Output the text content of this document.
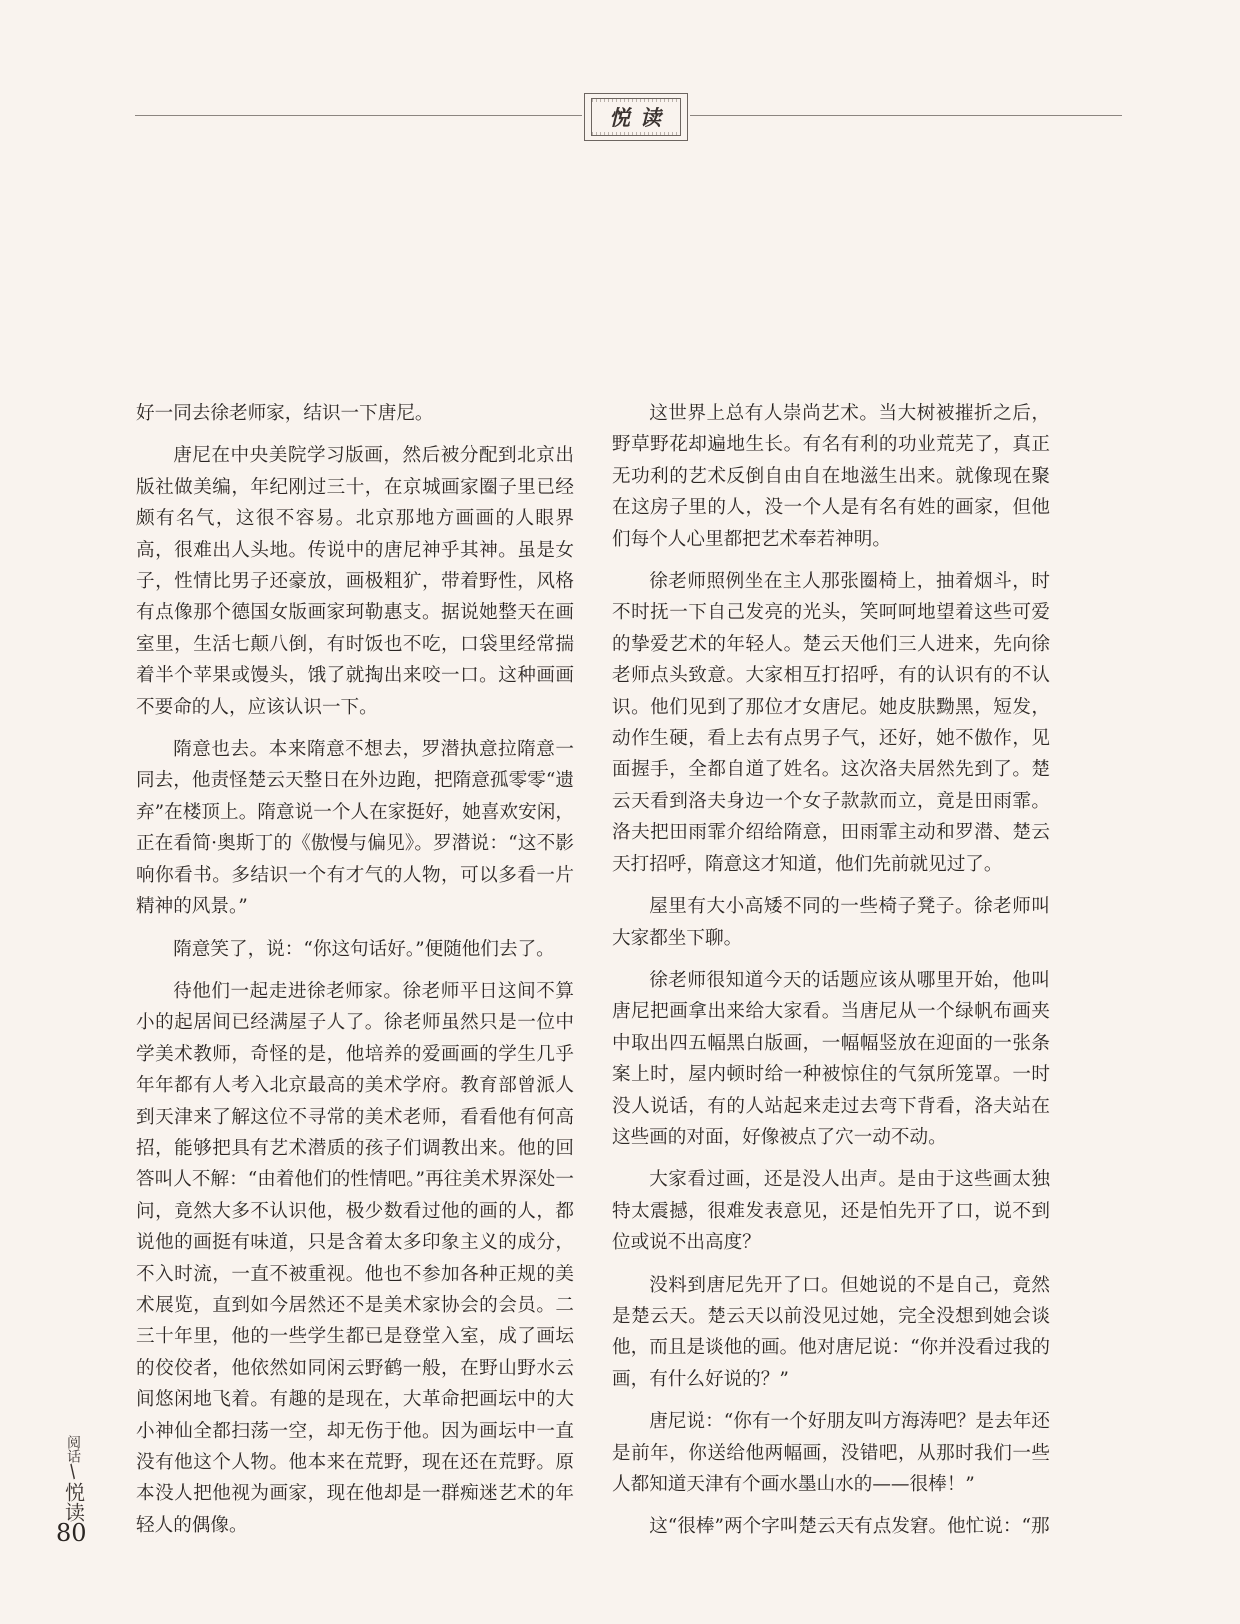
悦读

好一同去徐老师家，结识一下唐尼。

唐尼在中央美院学习版画，然后被分配到北京出版社做美编，年纪刚过三十，在京城画家圈子里已经颇有名气，这很不容易。北京那地方画画的人眼界高，很难出人头地。传说中的唐尼神乎其神。虽是女子，性情比男子还豪放，画极粗犷，带着野性，风格有点像那个德国女版画家珂勒惠支。据说她整天在画室里，生活七颠八倒，有时饭也不吃，口袋里经常揣着半个苹果或馒头，饿了就掏出来咬一口。这种画画不要命的人，应该认识一下。

隋意也去。本来隋意不想去，罗潜执意拉隋意一同去，他责怪楚云天整日在外边跑，把隋意孤零零“遗弃”在楼顶上。隋意说一个人在家挺好，她喜欢安闲，正在看简·奥斯丁的《傲慢与偏见》。罗潜说：“这不影响你看书。多结识一个有才气的人物，可以多看一片精神的风景。”

隋意笑了，说：“你这句话好。”便随他们去了。

待他们一起走进徐老师家。徐老师平日这间不算小的起居间已经满屋子人了。徐老师虽然只是一位中学美术教师，奇怪的是，他培养的爱画画的学生几乎年年都有人考入北京最高的美术学府。教育部曾派人到天津来了解这位不寻常的美术老师，看看他有何高招，能够把具有艺术潜质的孩子们调教出来。他的回答叫人不解：“由着他们的性情吧。”再往美术界深处一问，竟然大多不认识他，极少数看过他的画的人，都说他的画挺有味道，只是含着太多印象主义的成分，不入时流，一直不被重视。他也不参加各种正规的美术展览，直到如今居然还不是美术家协会的会员。二三十年里，他的一些学生都已是登堂入室，成了画坛的佼佼者，他依然如同闲云野鹤一般，在野山野水云间悠闲地飞着。有趣的是现在，大革命把画坛中的大小神仙全都扫荡一空，却无伤于他。因为画坛中一直没有他这个人物。他本来在荒野，现在还在荒野。原本没人把他视为画家，现在他却是一群痴迷艺术的年轻人的偶像。

这世界上总有人崇尚艺术。当大树被摧折之后，野草野花却遍地生长。有名有利的功业荒芜了，真正无功利的艺术反倒自由自在地滋生出来。就像现在聚在这房子里的人，没一个人是有名有姓的画家，但他们每个人心里都把艺术奉若神明。

徐老师照例坐在主人那张圈椅上，抽着烟斗，时不时抚一下自己发亮的光头，笑呵呵地望着这些可爱的挚爱艺术的年轻人。楚云天他们三人进来，先向徐老师点头致意。大家相互打招呼，有的认识有的不认识。他们见到了那位才女唐尼。她皮肤黝黑，短发，动作生硬，看上去有点男子气，还好，她不傲作，见面握手，全都自道了姓名。这次洛夫居然先到了。楚云天看到洛夫身边一个女子款款而立，竟是田雨霏。洛夫把田雨霏介绍给隋意，田雨霏主动和罗潜、楚云天打招呼，隋意这才知道，他们先前就见过了。

屋里有大小高矮不同的一些椅子凳子。徐老师叫大家都坐下聊。

徐老师很知道今天的话题应该从哪里开始，他叫唐尼把画拿出来给大家看。当唐尼从一个绿帆布画夹中取出四五幅黑白版画，一幅幅竖放在迎面的一张条案上时，屋内顿时给一种被惊住的气氛所笼罩。一时没人说话，有的人站起来走过去弯下背看，洛夫站在这些画的对面，好像被点了穴一动不动。

大家看过画，还是没人出声。是由于这些画太独特太震撼，很难发表意见，还是怕先开了口，说不到位或说不出高度？

没料到唐尼先开了口。但她说的不是自己，竟然是楚云天。楚云天以前没见过她，完全没想到她会谈他，而且是谈他的画。他对唐尼说：“你并没看过我的画，有什么好说的？”

唐尼说：“你有一个好朋友叫方海涛吧？是去年还是前年，你送给他两幅画，没错吧，从那时我们一些人都知道天津有个画水墨山水的——很棒！”

这“很棒”两个字叫楚云天有点发窘。他忙说：“那

阅话
/
悦读
80
